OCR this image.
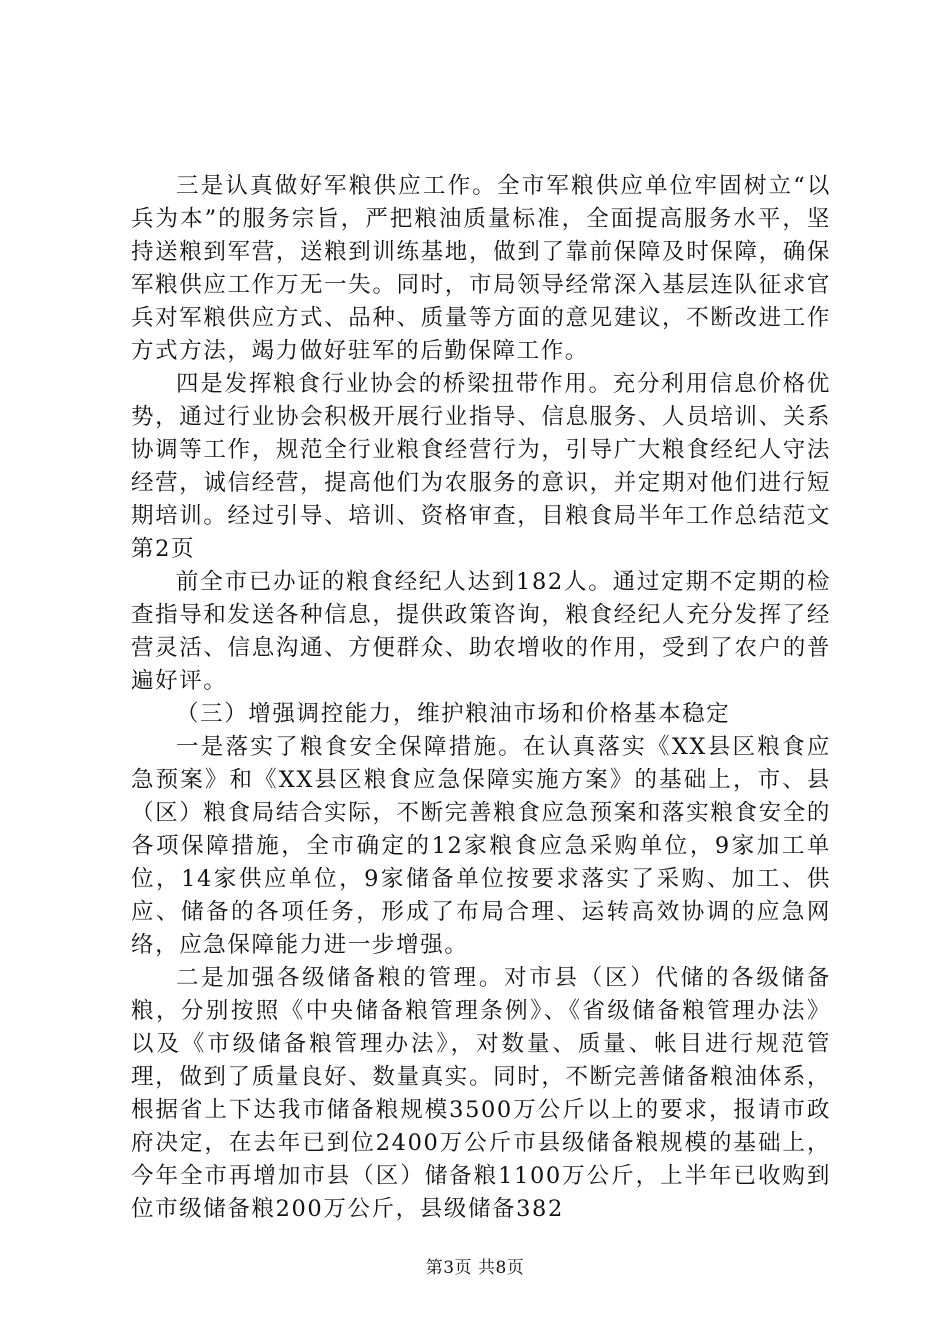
三是认真做好军粮供应工作。全市军粮供应单位牢固树立“以兵为本”的服务宗旨，严把粮油质量标准，全面提高服务水平，坚持送粮到军营，送粮到训练基地，做到了靠前保障及时保障，确保军粮供应工作万无一失。同时，市局领导经常深入基层连队征求官兵对军粮供应方式、品种、质量等方面的意见建议，不断改进工作方式方法，竭力做好驻军的后勤保障工作。

四是发挥粮食行业协会的桥梁扭带作用。充分利用信息价格优势，通过行业协会积极开展行业指导、信息服务、人员培训、关系协调等工作，规范全行业粮食经营行为，引导广大粮食经纪人守法经营，诚信经营，提高他们为农服务的意识，并定期对他们进行短期培训。经过引导、培训、资格审查，目粮食局半年工作总结范文第2页

前全市已办证的粮食经纪人达到182人。通过定期不定期的检查指导和发送各种信息，提供政策咨询，粮食经纪人充分发挥了经营灵活、信息沟通、方便群众、助农增收的作用，受到了农户的普遍好评。

（三）增强调控能力，维护粮油市场和价格基本稳定

一是落实了粮食安全保障措施。在认真落实《XX县区粮食应急预案》和《XX县区粮食应急保障实施方案》的基础上，市、县（区）粮食局结合实际，不断完善粮食应急预案和落实粮食安全的各项保障措施，全市确定的12家粮食应急采购单位，9家加工单位，14家供应单位，9家储备单位按要求落实了采购、加工、供应、储备的各项任务，形成了布局合理、运转高效协调的应急网络，应急保障能力进一步增强。

二是加强各级储备粮的管理。对市县（区）代储的各级储备粮，分别按照《中央储备粮管理条例》、《省级储备粮管理办法》以及《市级储备粮管理办法》，对数量、质量、帐目进行规范管理，做到了质量良好、数量真实。同时，不断完善储备粮油体系，根据省上下达我市储备粮规模3500万公斤以上的要求，报请市政府决定，在去年已到位2400万公斤市县级储备粮规模的基础上，今年全市再增加市县（区）储备粮1100万公斤，上半年已收购到位市级储备粮200万公斤，县级储备382

第3页 共8页
